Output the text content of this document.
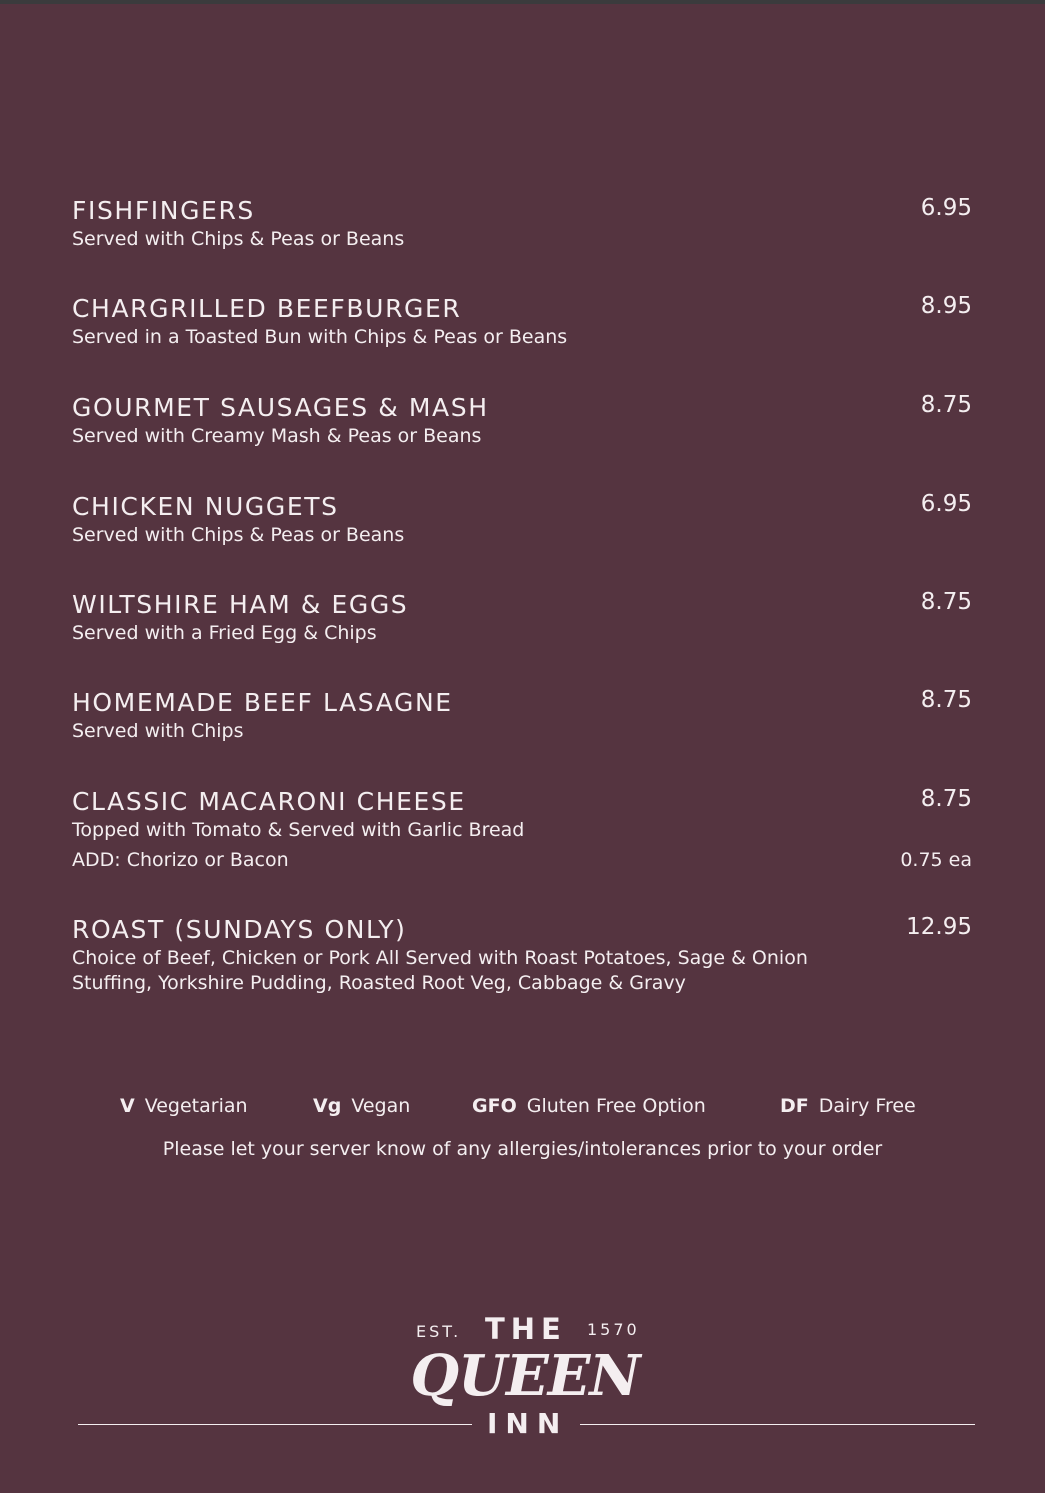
FISHFINGERS
Served with Chips & Peas or Beans
6.95
CHARGRILLED BEEFBURGER
Served in a Toasted Bun with Chips & Peas or Beans
8.95
GOURMET SAUSAGES & MASH
Served with Creamy Mash & Peas or Beans
8.75
CHICKEN NUGGETS
Served with Chips & Peas or Beans
6.95
WILTSHIRE HAM & EGGS
Served with a Fried Egg & Chips
8.75
HOMEMADE BEEF LASAGNE
Served with Chips
8.75
CLASSIC MACARONI CHEESE
Topped with Tomato & Served with Garlic Bread
ADD: Chorizo or Bacon	0.75 ea
8.75
ROAST (SUNDAYS ONLY)
Choice of Beef, Chicken or Pork All Served with Roast Potatoes, Sage & Onion Stuffing, Yorkshire Pudding, Roasted Root Veg, Cabbage & Gravy
12.95
V Vegetarian	Vg Vegan	GFO Gluten Free Option	DF Dairy Free
Please let your server know of any allergies/intolerances prior to your order
EST. THE 1570
QUEEN
INN
